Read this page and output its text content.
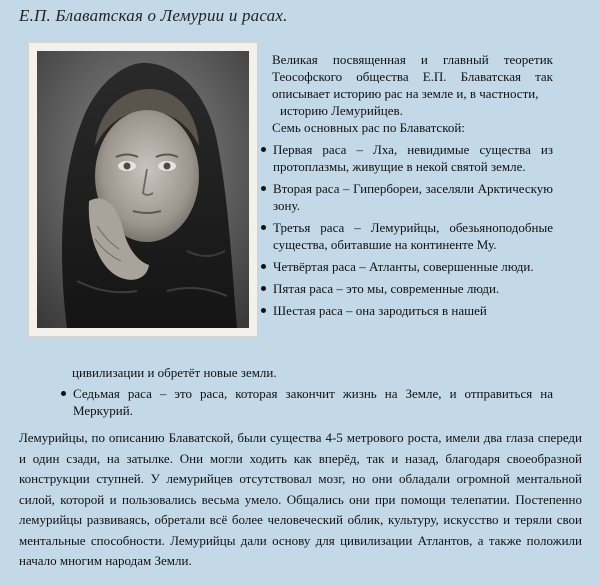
Е.П. Блаватская о Лемурии и расах.

Великая посвященная и главный теоретик Теософского общества Е.П. Блаватская так описывает историю рас на земле и, в частности,

историю Лемурийцев.

Семь основных рас по Блаватской:

Первая раса – Лха, невидимые существа из протоплазмы, живущие в некой святой земле.
Вторая раса – Гипербореи, заселяли Арктическую зону.
Третья раса – Лемурийцы, обезьяноподобные существа, обитавшие на континенте Му.
Четвёртая раса – Атланты, совершенные люди.
Пятая раса – это мы, современные люди.
Шестая раса – она зародиться в нашей
цивилизации и обретёт новые земли.
Седьмая раса – это раса, которая закончит жизнь на Земле, и отправиться на Меркурий.

Лемурийцы, по описанию Блаватской, были существа 4-5 метрового роста, имели два глаза спереди и один сзади, на затылке. Они могли ходить как вперёд, так и назад, благодаря своеобразной конструкции ступней. У лемурийцев отсутствовал мозг, но они обладали огромной ментальной силой, которой и пользовались весьма умело. Общались они при помощи телепатии. Постепенно лемурийцы развиваясь, обретали всё более человеческий облик, культуру, искусство и теряли свои ментальные способности. Лемурийцы дали основу для цивилизации Атлантов, а также положили начало многим народам Земли.
